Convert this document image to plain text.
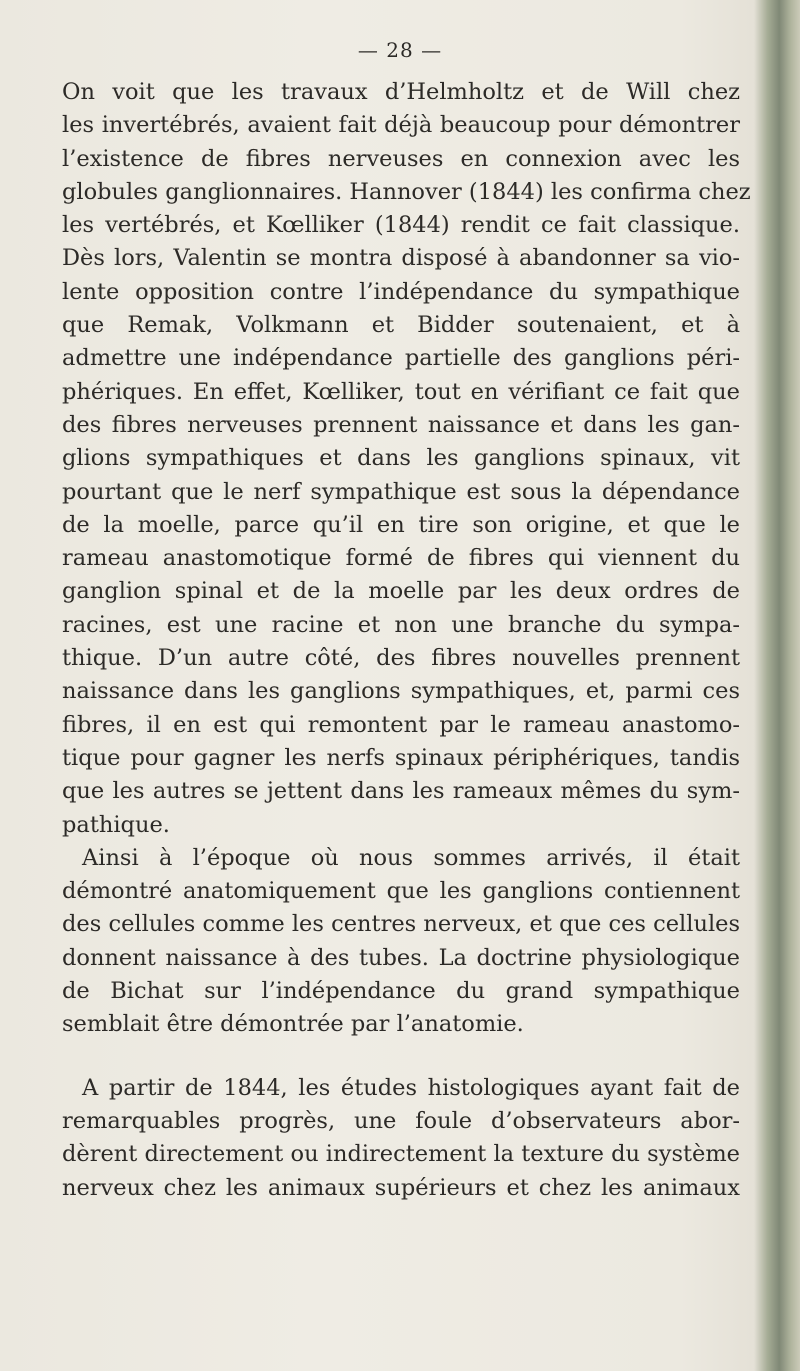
— 28 —
On voit que les travaux d’Helmholtz et de Will chez
les invertébrés, avaient fait déjà beaucoup pour démontrer
l’existence de fibres nerveuses en connexion avec les
globules ganglionnaires. Hannover (1844) les confirma chez
les vertébrés, et Kœlliker (1844) rendit ce fait classique.
Dès lors, Valentin se montra disposé à abandonner sa vio-
lente opposition contre l’indépendance du sympathique
que Remak, Volkmann et Bidder soutenaient, et à
admettre une indépendance partielle des ganglions péri-
phériques. En effet, Kœlliker, tout en vérifiant ce fait que
des fibres nerveuses prennent naissance et dans les gan-
glions sympathiques et dans les ganglions spinaux, vit
pourtant que le nerf sympathique est sous la dépendance
de la moelle, parce qu’il en tire son origine, et que le
rameau anastomotique formé de fibres qui viennent du
ganglion spinal et de la moelle par les deux ordres de
racines, est une racine et non une branche du sympa-
thique. D’un autre côté, des fibres nouvelles prennent
naissance dans les ganglions sympathiques, et, parmi ces
fibres, il en est qui remontent par le rameau anastomo-
tique pour gagner les nerfs spinaux périphériques, tandis
que les autres se jettent dans les rameaux mêmes du sym-
pathique.
Ainsi à l’époque où nous sommes arrivés, il était
démontré anatomiquement que les ganglions contiennent
des cellules comme les centres nerveux, et que ces cellules
donnent naissance à des tubes. La doctrine physiologique
de Bichat sur l’indépendance du grand sympathique
semblait être démontrée par l’anatomie.
A partir de 1844, les études histologiques ayant fait de
remarquables progrès, une foule d’observateurs abor-
dèrent directement ou indirectement la texture du système
nerveux chez les animaux supérieurs et chez les animaux
